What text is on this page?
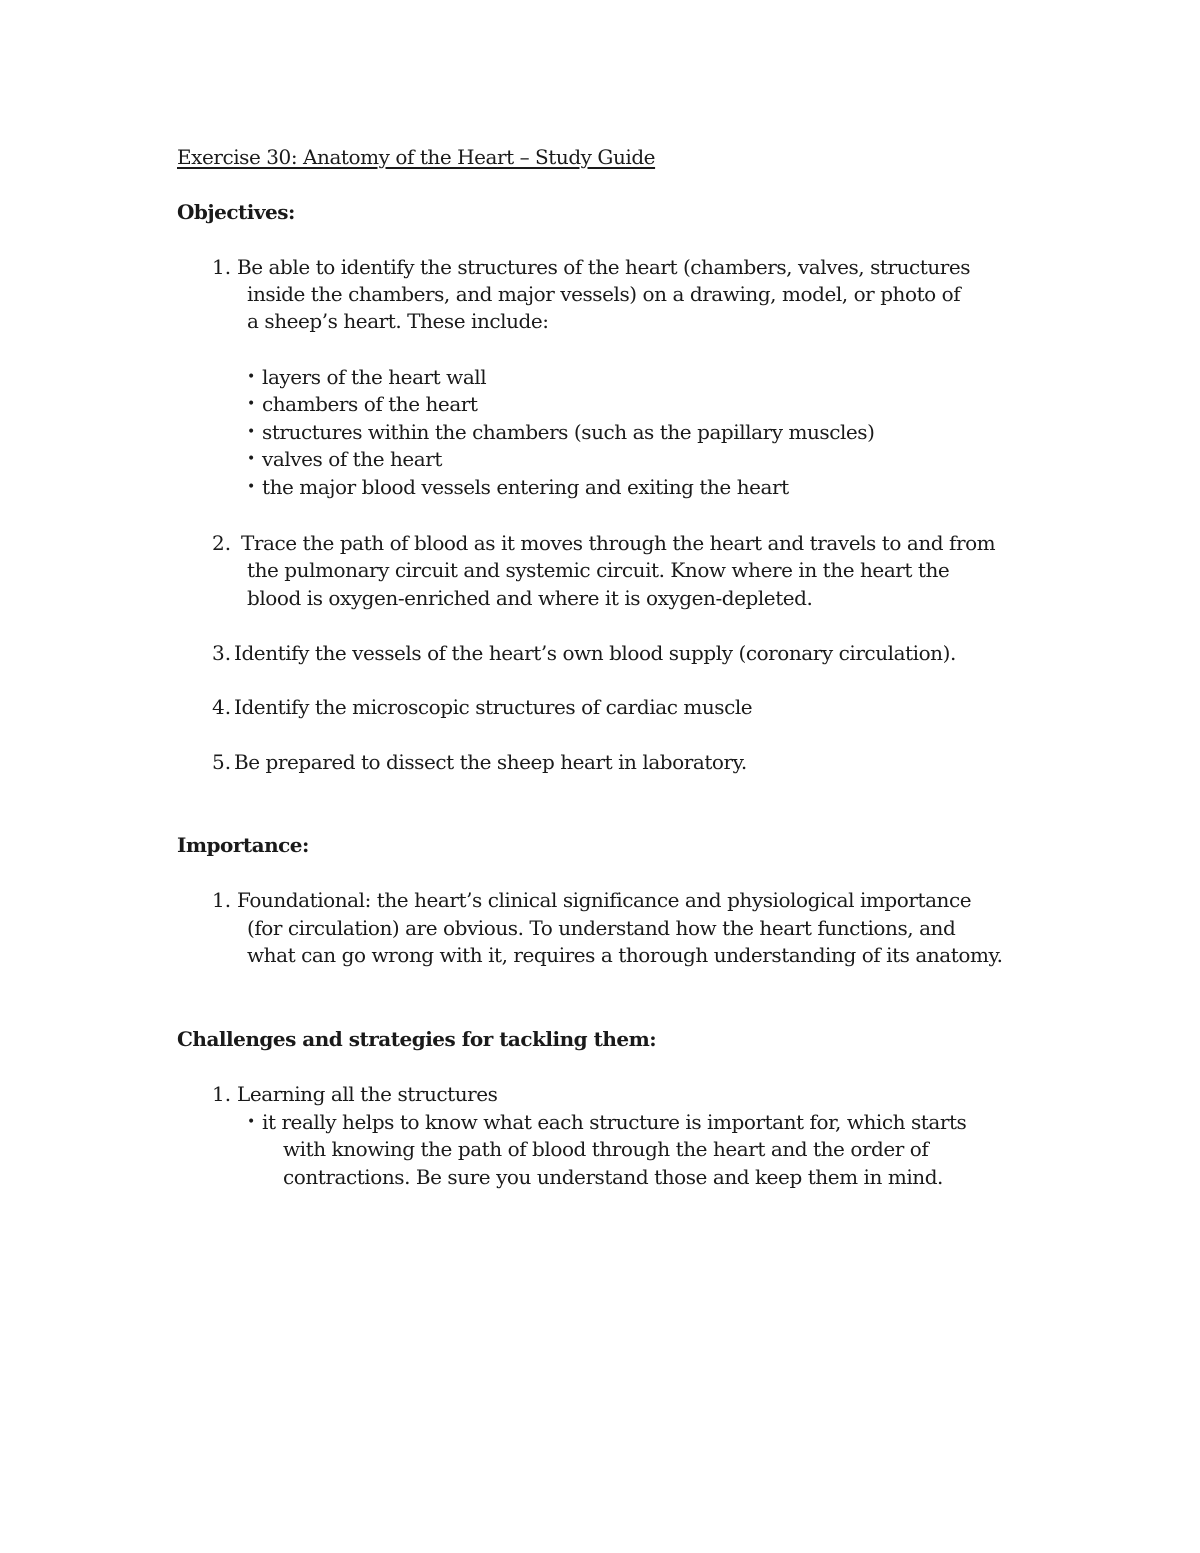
Exercise 30: Anatomy of the Heart – Study Guide
Objectives:
1. Be able to identify the structures of the heart (chambers, valves, structures
inside the chambers, and major vessels) on a drawing, model, or photo of
a sheep’s heart. These include:
• layers of the heart wall
• chambers of the heart
• structures within the chambers (such as the papillary muscles)
• valves of the heart
• the major blood vessels entering and exiting the heart
2. Trace the path of blood as it moves through the heart and travels to and from
the pulmonary circuit and systemic circuit. Know where in the heart the
blood is oxygen-enriched and where it is oxygen-depleted.
3. Identify the vessels of the heart’s own blood supply (coronary circulation).
4. Identify the microscopic structures of cardiac muscle
5. Be prepared to dissect the sheep heart in laboratory.
Importance:
1. Foundational: the heart’s clinical significance and physiological importance
(for circulation) are obvious. To understand how the heart functions, and
what can go wrong with it, requires a thorough understanding of its anatomy.
Challenges and strategies for tackling them:
1. Learning all the structures
• it really helps to know what each structure is important for, which starts
with knowing the path of blood through the heart and the order of
contractions. Be sure you understand those and keep them in mind.
